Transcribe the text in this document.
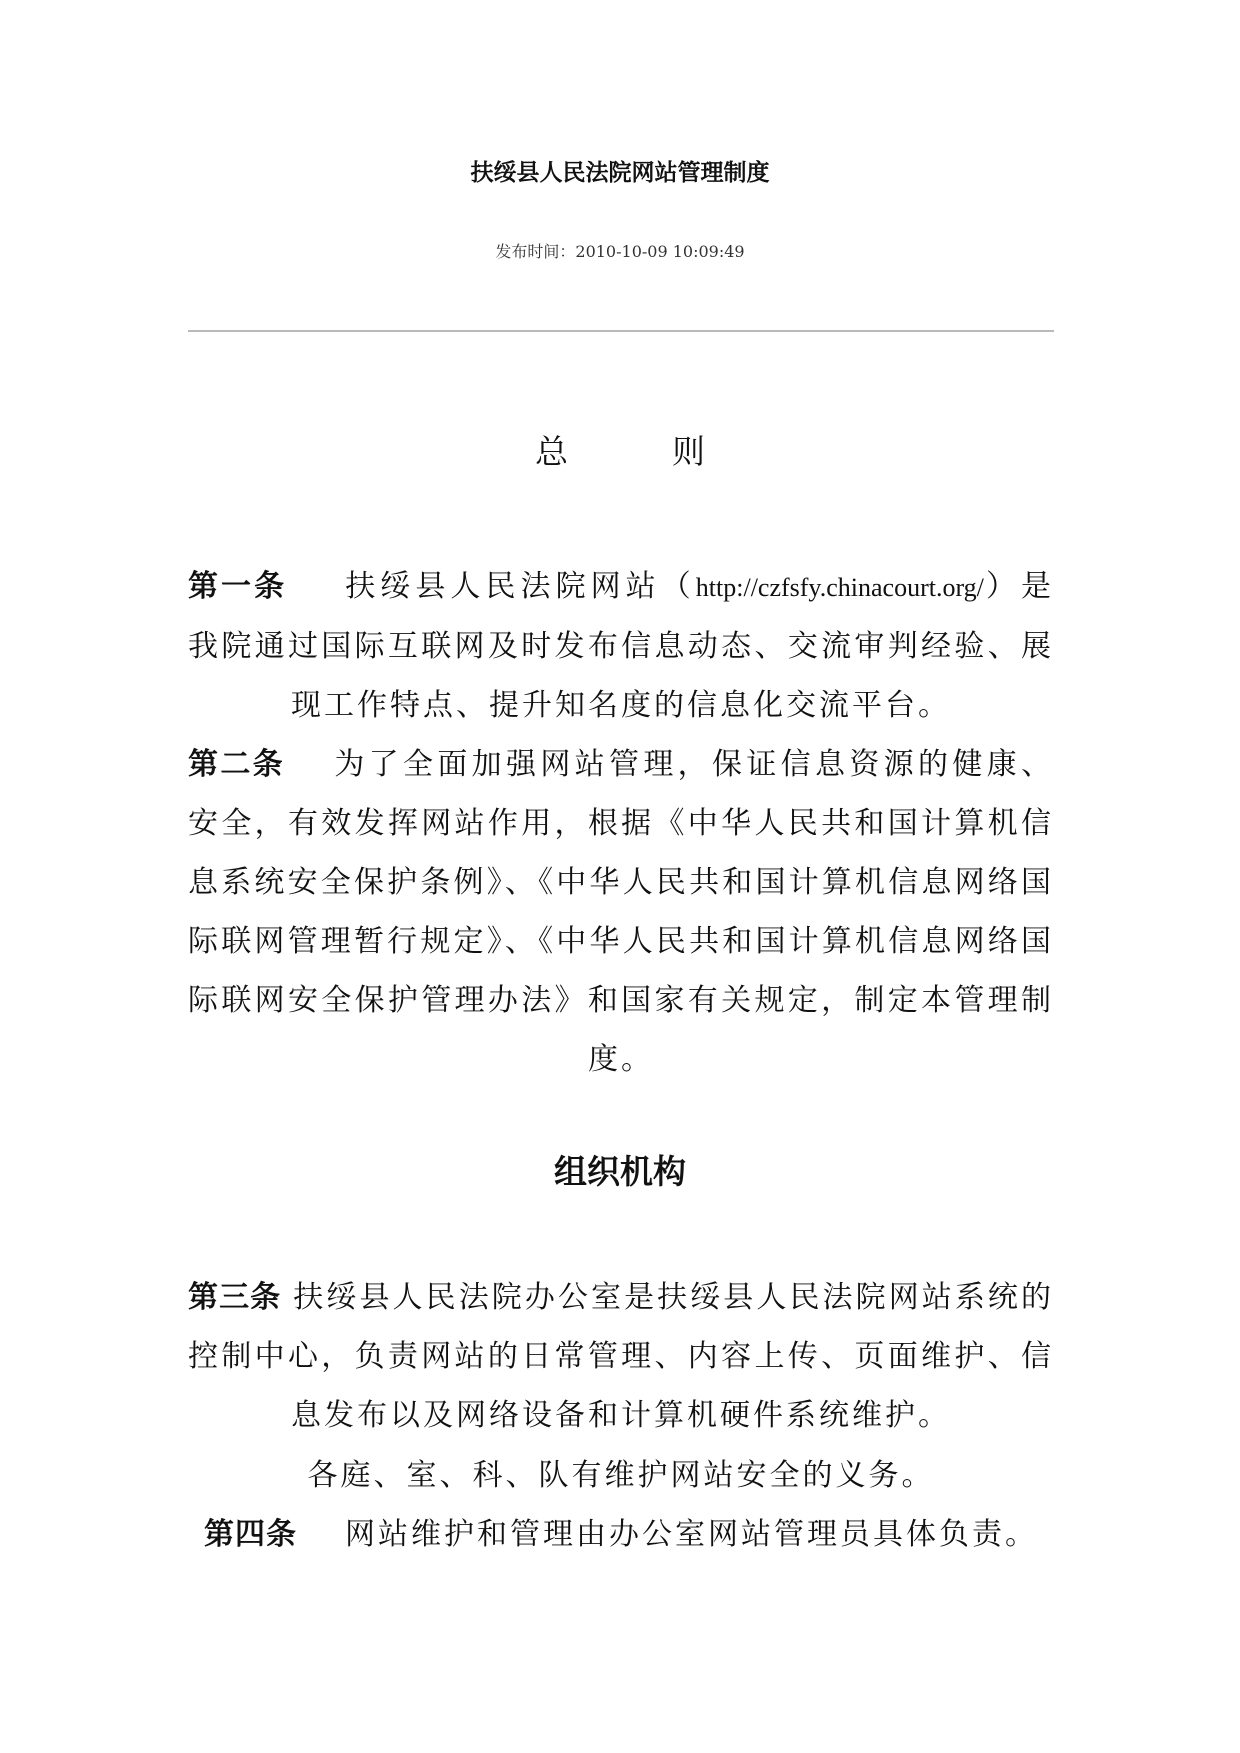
扶绥县人民法院网站管理制度
发布时间：2010-10-09 10:09:49
总	则
第一条 扶绥县人民法院网站（http://czfsfy.chinacourt.org/）是我院通过国际互联网及时发布信息动态、交流审判经验、展现工作特点、提升知名度的信息化交流平台。
第二条 为了全面加强网站管理，保证信息资源的健康、安全，有效发挥网站作用，根据《中华人民共和国计算机信息系统安全保护条例》、《中华人民共和国计算机信息网络国际联网管理暂行规定》、《中华人民共和国计算机信息网络国际联网安全保护管理办法》和国家有关规定，制定本管理制度。
组织机构
第三条 扶绥县人民法院办公室是扶绥县人民法院网站系统的控制中心，负责网站的日常管理、内容上传、页面维护、信息发布以及网络设备和计算机硬件系统维护。
各庭、室、科、队有维护网站安全的义务。
第四条 网站维护和管理由办公室网站管理员具体负责。
